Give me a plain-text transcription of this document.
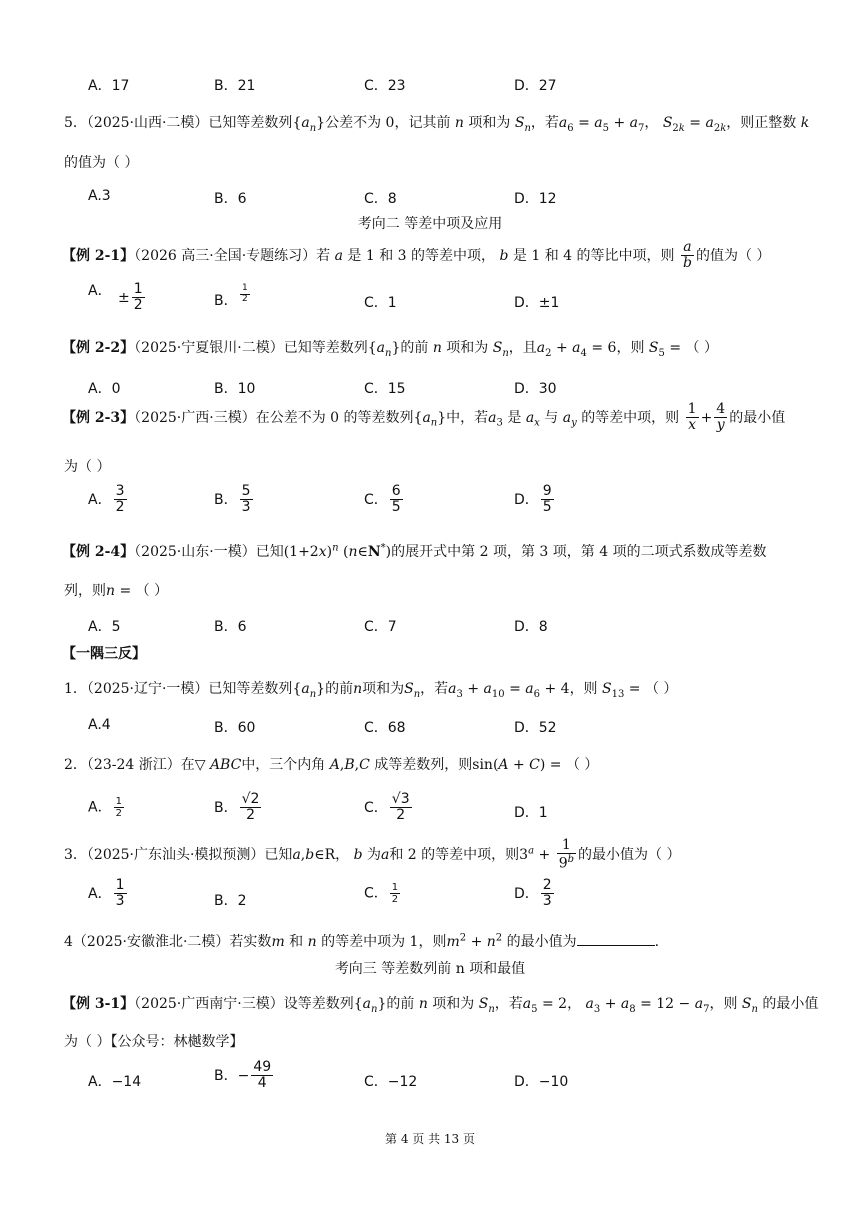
A．17	B．21	C．23	D．27
5．（2025·山西·二模）已知等差数列$\{a_n\}$公差不为 0，记其前 n 项和为 $S_n$，若$a_6 = a_5 + a_7$， $S_{2k} = a_{2k}$，则正整数 k
的值为（ ）
A.3	B．6	C．8	D．12
考向二 等差中项及应用
【例 2-1】（2026 高三·全国·专题练习）若 a 是 1 和 3 的等差中项， b 是 1 和 4 的等比中项，则 $\frac{a}{b}$ 的值为（ ）
A． ± $\frac{1}{2}$	B． $\frac{1}{2}$	C．1	D．±1
【例 2-2】（2025·宁夏银川·二模）已知等差数列$\{a_n\}$的前 n 项和为 $S_n$，且$a_2 + a_4 = 6$，则 $S_5$ = （ ）
A．0	B．10	C．15	D．30
【例 2-3】（2025·广西·三模）在公差不为 0 的等差数列$\{a_n\}$中，若$a_3$ 是 $a_x$ 与 $a_y$ 的等差中项，则 $\frac{1}{x} + \frac{4}{y}$ 的最小值
为（ ）
A． $\frac{3}{2}$	B． $\frac{5}{3}$	C． $\frac{6}{5}$	D． $\frac{9}{5}$
【例 2-4】（2025·山东·一模）已知$(1+2x)^n$ (n∈N*)的展开式中第 2 项，第 3 项，第 4 项的二项式系数成等差数
列，则n = （ ）
A．5	B．6	C．7	D．8
【一隅三反】
1．（2025·辽宁·一模）已知等差数列$\{a_n\}$的前n项和为$S_n$，若$a_3 + a_{10} = a_6 + 4$，则 $S_{13}$ = （ ）
A.4	B．60	C．68	D．52
2．（23-24 浙江）在▽ ABC中，三个内角 A,B,C 成等差数列，则sin(A + C) = （ ）
A． $\frac{1}{2}$	B． $\frac{√2}{2}$	C． $\frac{√3}{2}$	D．1
3．（2025·广东汕头·模拟预测）已知a,b∈R， b 为a和 2 的等差中项，则$3^a + \frac{1}{9^b}$ 的最小值为（ ）
A． $\frac{1}{3}$	B．2	C． $\frac{1}{2}$	D． $\frac{2}{3}$
4（2025·安徽淮北·二模）若实数m 和 n 的等差中项为 1，则$m^2 + n^2$ 的最小值为	.
考向三 等差数列前 n 项和最值
【例 3-1】（2025·广西南宁·三模）设等差数列$\{a_n\}$的前 n 项和为 $S_n$，若$a_5 = 2$， $a_3 + a_8 = 12 - a_7$，则 $S_n$ 的最小值
为（ ）【公众号：林樾数学】
A．−14	B．− $\frac{49}{4}$	C．−12	D．−10
第 4 页 共 13 页
